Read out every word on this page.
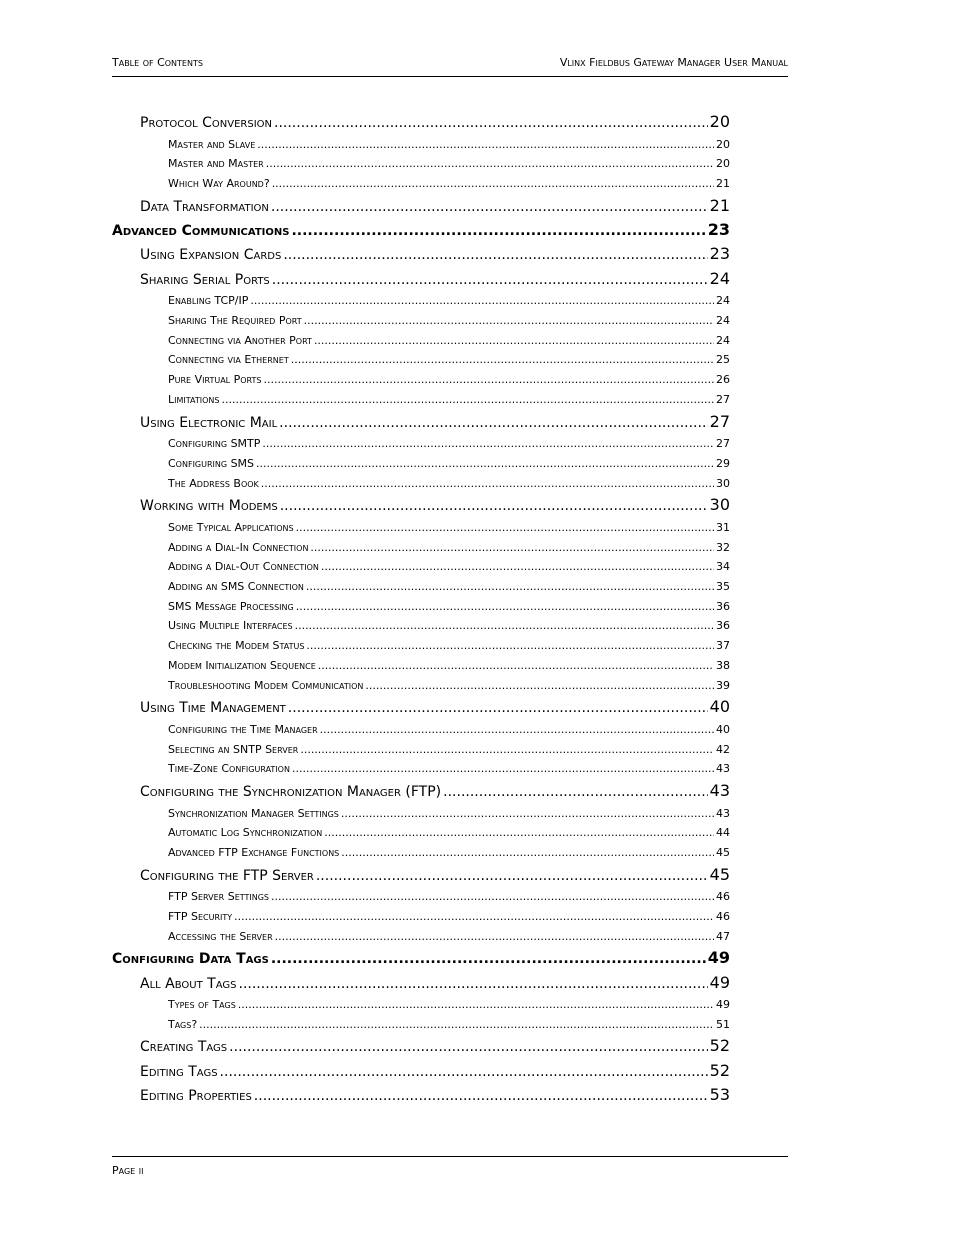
Table of Contents	Vlinx Fieldbus Gateway Manager User Manual
Protocol Conversion .....	20
Master and Slave .....	20
Master and Master .....	20
Which Way Around? .....	21
Data Transformation .....	21
Advanced Communications .....	23
Using Expansion Cards .....	23
Sharing Serial Ports .....	24
Enabling TCP/IP .....	24
Sharing The Required Port .....	24
Connecting via Another Port .....	24
Connecting via Ethernet .....	25
Pure Virtual Ports .....	26
Limitations .....	27
Using Electronic Mail .....	27
Configuring SMTP .....	27
Configuring SMS .....	29
The Address Book .....	30
Working with Modems .....	30
Some Typical Applications .....	31
Adding a Dial-In Connection .....	32
Adding a Dial-Out Connection .....	34
Adding an SMS Connection .....	35
SMS Message Processing .....	36
Using Multiple Interfaces .....	36
Checking the Modem Status .....	37
Modem Initialization Sequence .....	38
Troubleshooting Modem Communication .....	39
Using Time Management .....	40
Configuring the Time Manager .....	40
Selecting an SNTP Server .....	42
Time-Zone Configuration .....	43
Configuring the Synchronization Manager (FTP) .....	43
Synchronization Manager Settings .....	43
Automatic Log Synchronization .....	44
Advanced FTP Exchange Functions .....	45
Configuring the FTP Server .....	45
FTP Server Settings .....	46
FTP Security .....	46
Accessing the Server .....	47
Configuring Data Tags .....	49
All About Tags .....	49
Types of Tags .....	49
Tags? .....	51
Creating Tags .....	52
Editing Tags .....	52
Editing Properties .....	53
Page ii
